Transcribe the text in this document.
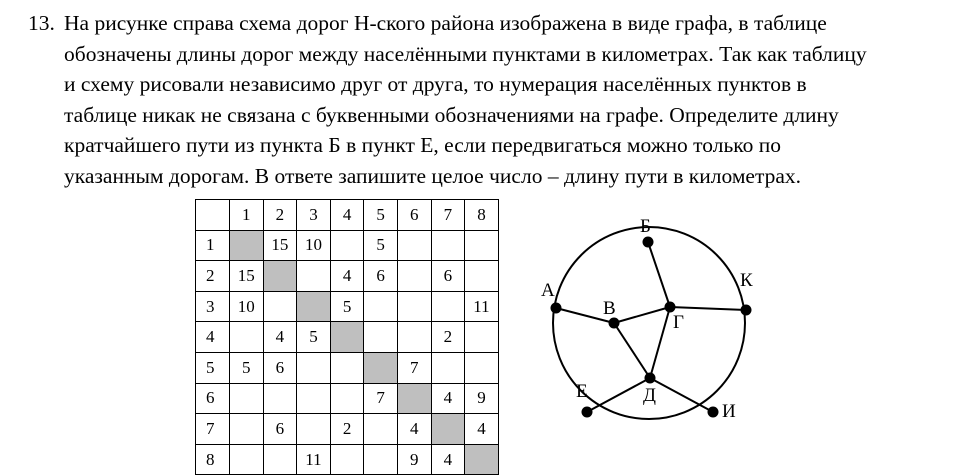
13. На рисунке справа схема дорог Н-ского района изображена в виде графа, в таблице
обозначены длины дорог между населёнными пунктами в километрах. Так как таблицу
и схему рисовали независимо друг от друга, то нумерация населённых пунктов в
таблице никак не связана с буквенными обозначениями на графе. Определите длину
кратчайшего пути из пункта Б в пункт Е, если передвигаться можно только по
указанным дорогам. В ответе запишите целое число – длину пути в километрах.

	1	2	3	4	5	6	7	8
1		15	10		5			
2	15			4	6		6	
3	10			5				11
4		4	5				2	
5	5	6				7		
6					7		4	9
7		6		2		4		4
8			11			9	4	
Б
К
А
В
Г
Е	Д
И
